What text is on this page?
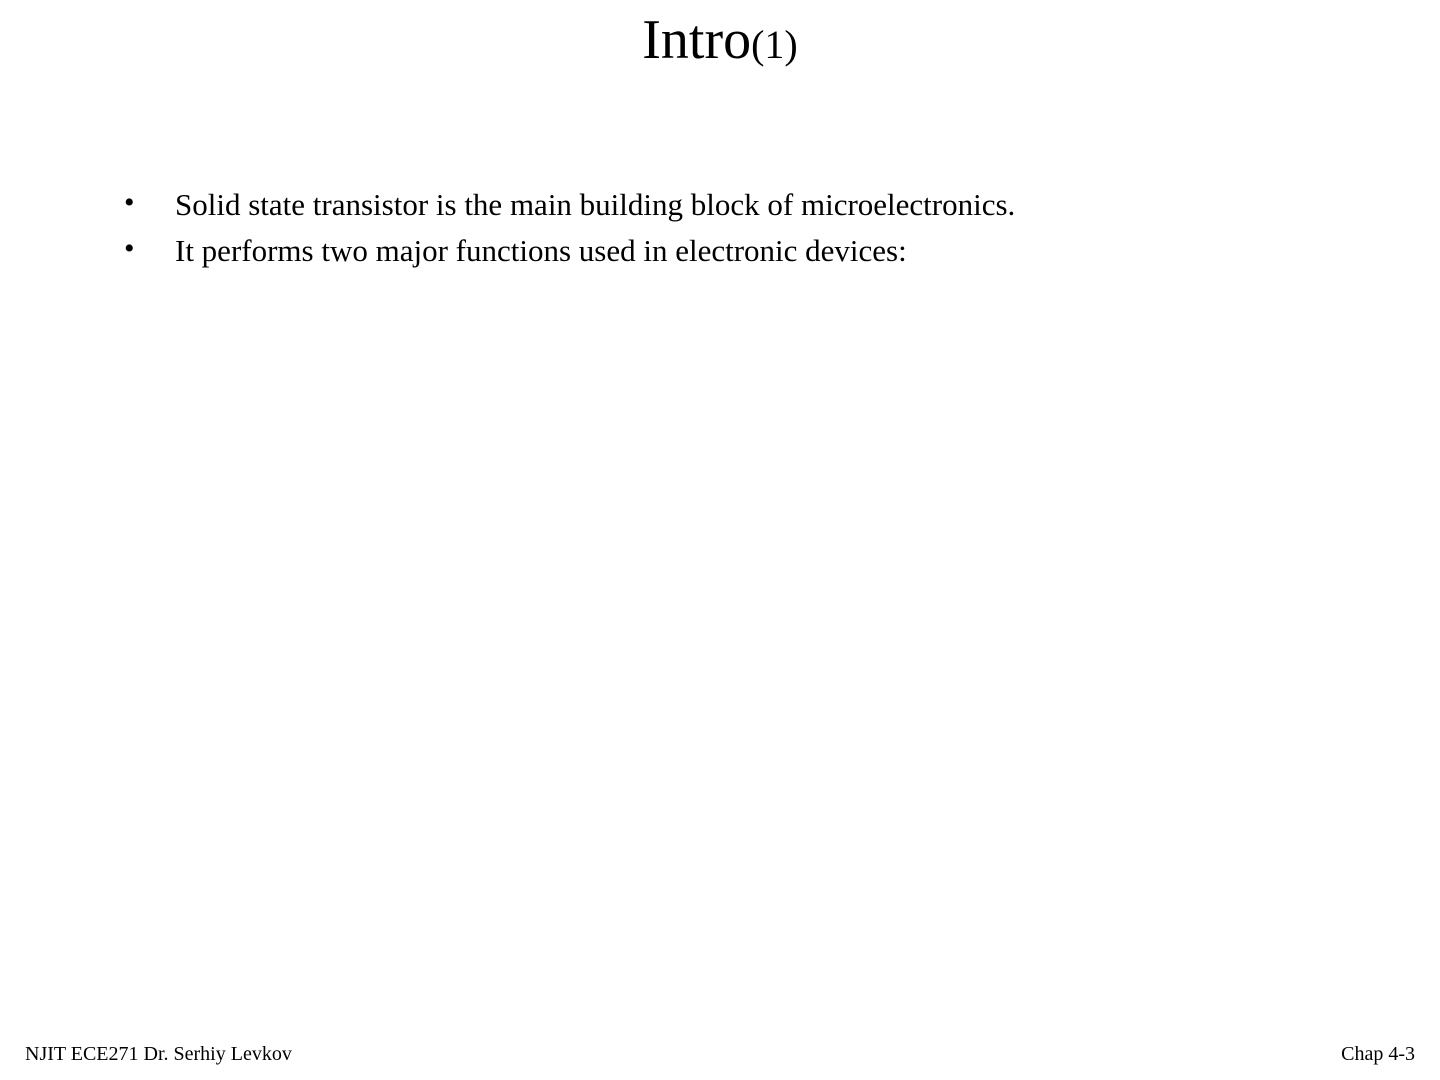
Intro(1)
• Solid state transistor is the main building block of microelectronics.
• It performs two major functions used in electronic devices:
NJIT ECE271 Dr. Serhiy Levkov	Chap 4-3
